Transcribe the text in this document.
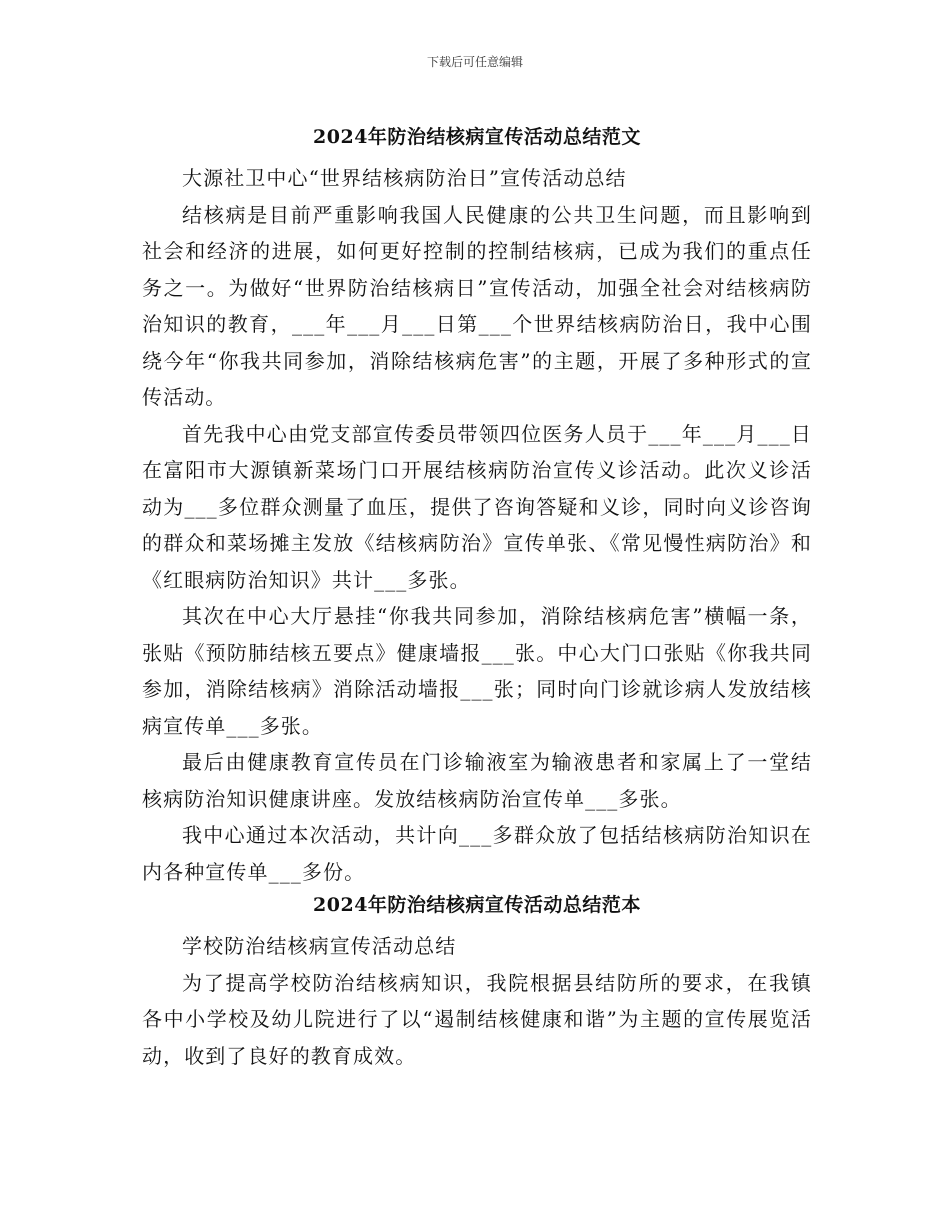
下载后可任意编辑
2024年防治结核病宣传活动总结范文

大源社卫中心“世界结核病防治日”宣传活动总结

结核病是目前严重影响我国人民健康的公共卫生问题，而且影响到社会和经济的进展，如何更好控制的控制结核病，已成为我们的重点任务之一。为做好“世界防治结核病日”宣传活动，加强全社会对结核病防治知识的教育，___年___月___日第___个世界结核病防治日，我中心围绕今年“你我共同参加，消除结核病危害”的主题，开展了多种形式的宣传活动。

首先我中心由党支部宣传委员带领四位医务人员于___年___月___日在富阳市大源镇新菜场门口开展结核病防治宣传义诊活动。此次义诊活动为___多位群众测量了血压，提供了咨询答疑和义诊，同时向义诊咨询的群众和菜场摊主发放《结核病防治》宣传单张、《常见慢性病防治》和《红眼病防治知识》共计___多张。

其次在中心大厅悬挂“你我共同参加，消除结核病危害”横幅一条，张贴《预防肺结核五要点》健康墙报___张。中心大门口张贴《你我共同参加，消除结核病》消除活动墙报___张；同时向门诊就诊病人发放结核病宣传单___多张。

最后由健康教育宣传员在门诊输液室为输液患者和家属上了一堂结核病防治知识健康讲座。发放结核病防治宣传单___多张。

我中心通过本次活动，共计向___多群众放了包括结核病防治知识在内各种宣传单___多份。

2024年防治结核病宣传活动总结范本

学校防治结核病宣传活动总结

为了提高学校防治结核病知识，我院根据县结防所的要求，在我镇各中小学校及幼儿院进行了以“遏制结核健康和谐”为主题的宣传展览活动，收到了良好的教育成效。
